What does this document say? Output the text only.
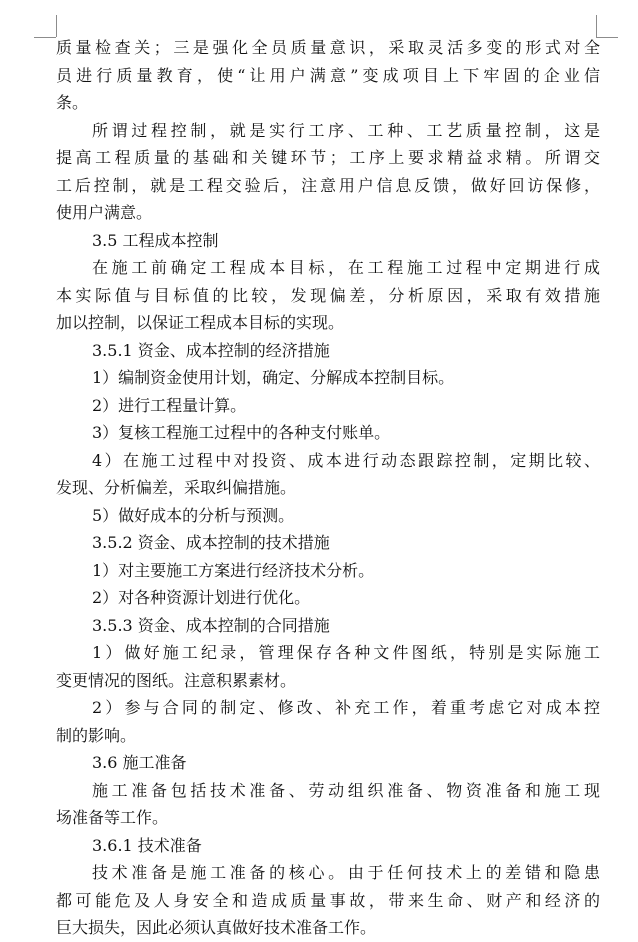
质量检查关；三是强化全员质量意识，采取灵活多变的形式对全
员进行质量教育，使“让用户满意”变成项目上下牢固的企业信
条。
所谓过程控制，就是实行工序、工种、工艺质量控制，这是
提高工程质量的基础和关键环节；工序上要求精益求精。所谓交
工后控制，就是工程交验后，注意用户信息反馈，做好回访保修，
使用户满意。
3.5 工程成本控制
在施工前确定工程成本目标，在工程施工过程中定期进行成
本实际值与目标值的比较，发现偏差，分析原因，采取有效措施
加以控制，以保证工程成本目标的实现。
3.5.1 资金、成本控制的经济措施
1）编制资金使用计划，确定、分解成本控制目标。
2）进行工程量计算。
3）复核工程施工过程中的各种支付账单。
4）在施工过程中对投资、成本进行动态跟踪控制，定期比较、
发现、分析偏差，采取纠偏措施。
5）做好成本的分析与预测。
3.5.2 资金、成本控制的技术措施
1）对主要施工方案进行经济技术分析。
2）对各种资源计划进行优化。
3.5.3 资金、成本控制的合同措施
1）做好施工纪录，管理保存各种文件图纸，特别是实际施工
变更情况的图纸。注意积累素材。
2）参与合同的制定、修改、补充工作，着重考虑它对成本控
制的影响。
3.6 施工准备
施工准备包括技术准备、劳动组织准备、物资准备和施工现
场准备等工作。
3.6.1 技术准备
技术准备是施工准备的核心。由于任何技术上的差错和隐患
都可能危及人身安全和造成质量事故，带来生命、财产和经济的
巨大损失，因此必须认真做好技术准备工作。
